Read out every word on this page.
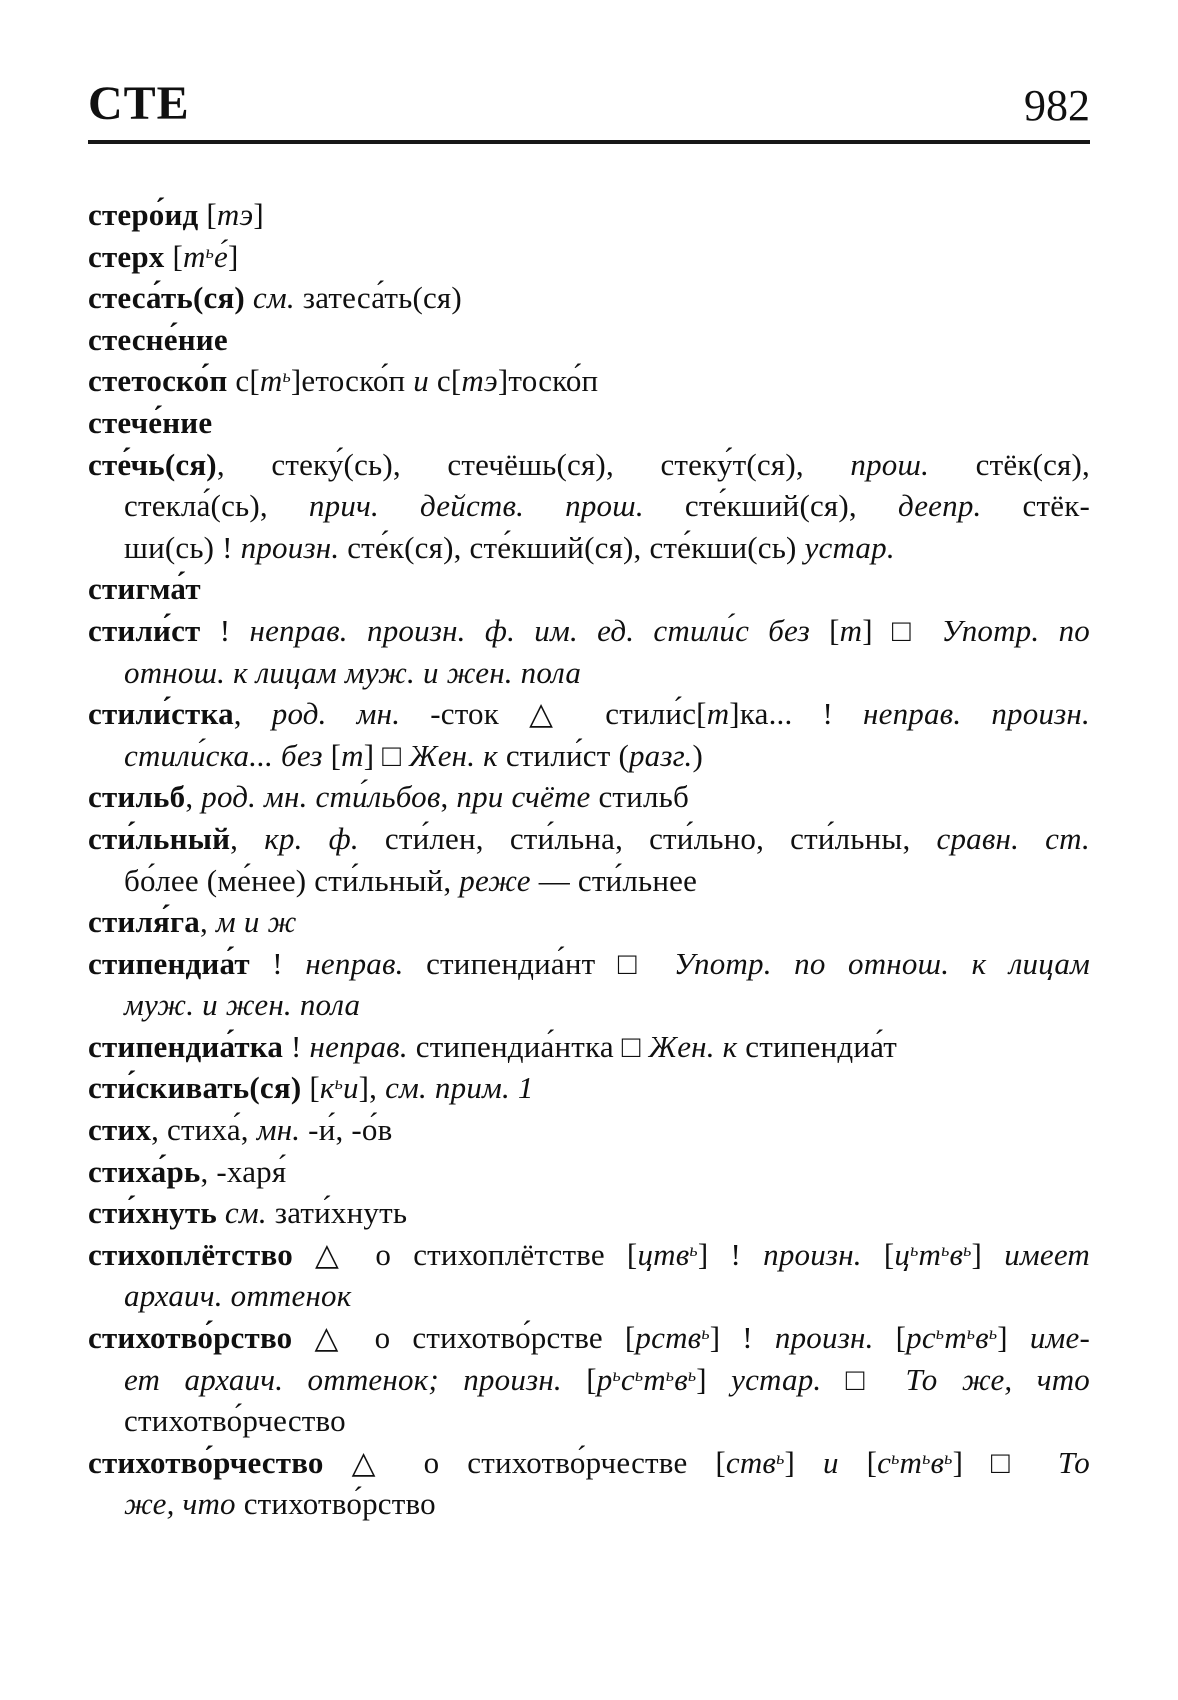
СТЕ	982
стеро́ид [тэ]
стерх $[т^ье́]$
стеса́ть(ся) см. затеса́ть(ся)
стесне́ние
стетоско́п $с[т^ь]етоско́п$ и с[тэ]тоско́п
стече́ние
сте́чь(ся), стеку́(сь), стечёшь(ся), стеку́т(ся), прош. стёк(ся),
стекла́(сь), прич. действ. прош. сте́кший(ся), деепр. стёк-
ши(сь) ! произн. сте́к(ся), сте́кший(ся), сте́кши(сь) устар.
стигма́т
стили́ст ! неправ. произн. ф. им. ед. стили́с без [т] □ Употр. по
отнош. к лицам муж. и жен. пола
стили́стка, род. мн. -сток △ стили́с[т]ка... ! неправ. произн.
стили́ска... без [т] □ Жен. к стили́ст (разг.)
стильб, род. мн. сти́льбов, при счёте стильб
сти́льный, кр. ф. сти́лен, сти́льна, сти́льно, сти́льны, сравн. ст.
бо́лее (ме́нее) сти́льный, реже — сти́льнее
стиля́га, м и ж
стипендиа́т ! неправ. стипендиа́нт □ Употр. по отнош. к лицам
муж. и жен. пола
стипендиа́тка ! неправ. стипендиа́нтка □ Жен. к стипендиа́т
сти́скивать(ся) $[к^ьи]$, см. прим. 1
стих, стиха́, мн. -и́, -о́в
стиха́рь, -харя́
сти́хнуть см. зати́хнуть
стихоплётство △ о стихоплётстве [цтв$^ь$] ! произн. $[ц^ьт^ьв^ь]$ имеет
архаич. оттенок
стихотво́рство △ о стихотво́рстве [рств$^ь$] ! произн. $[рс^ьт^ьв^ь]$ име-
ет архаич. оттенок; произн. $[р^ьс^ьт^ьв^ь]$ устар. □ То же, что
стихотво́рчество
стихотво́рчество △ о стихотво́рчестве [ств$^ь$] и $[с^ьт^ьв^ь]$ □ То
же, что стихотво́рство
